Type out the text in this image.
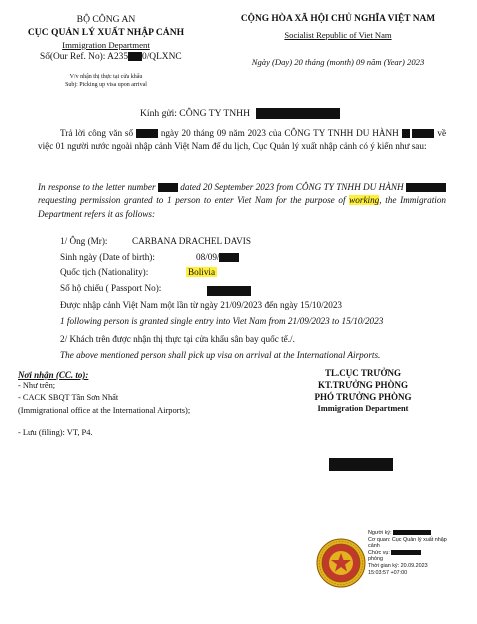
BỘ CÔNG AN
CỤC QUẢN LÝ XUẤT NHẬP CẢNH
Immigration Department
Số(Our Ref. No): A235 0/QLXNC
V/v nhận thị thực tại cửa khẩu
Subj: Picking up visa upon arrival
CỘNG HÒA XÃ HỘI CHỦ NGHĨA VIỆT NAM
Socialist Republic of Viet Nam
Ngày (Day) 20 tháng (month) 09 năm (Year) 2023
Kính gửi: CÔNG TY TNHH
Trả lời công văn số	ngày 20 tháng 09 năm 2023 của CÔNG TY TNHH DU HÀNH	về việc 01 người nước ngoài nhập cảnh Việt Nam để du lịch, Cục Quản lý xuất nhập cảnh có ý kiến như sau:
In response to the letter number	dated 20 September 2023 from CÔNG TY TNHH DU HÀNH  requesting permission granted to 1 person to enter Viet Nam for the purpose of working, the Immigration Department refers it as follows:
1/ Ông (Mr):	CARBANA DRACHEL DAVIS
Sinh ngày (Date of birth):	08/09/
Quốc tịch (Nationality):	Bolivia
Số hộ chiếu ( Passport No):
Được nhập cảnh Việt Nam một lần từ ngày 21/09/2023 đến ngày 15/10/2023
1 following person is granted single entry into Viet Nam from 21/09/2023 to 15/10/2023
2/ Khách trên được nhận thị thực tại cửa khẩu sân bay quốc tế./.
The above mentioned person shall pick up visa on arrival at the International Airports.
Nơi nhận (CC. to):
- Như trên;
- CACK SBQT Tân Sơn Nhất
(Immigrational office at the International Airports);
- Lưu (filing): VT, P4.
TL.CỤC TRƯỞNG
KT.TRƯỞNG PHÒNG
PHÓ TRƯỞNG PHÒNG
Immigration Department
Người ký:
Cơ quan: Cục Quản lý xuất nhập cảnh
Chức vụ:
phòng
Thời gian ký: 20.09.2023 15:03:57 +07:00
